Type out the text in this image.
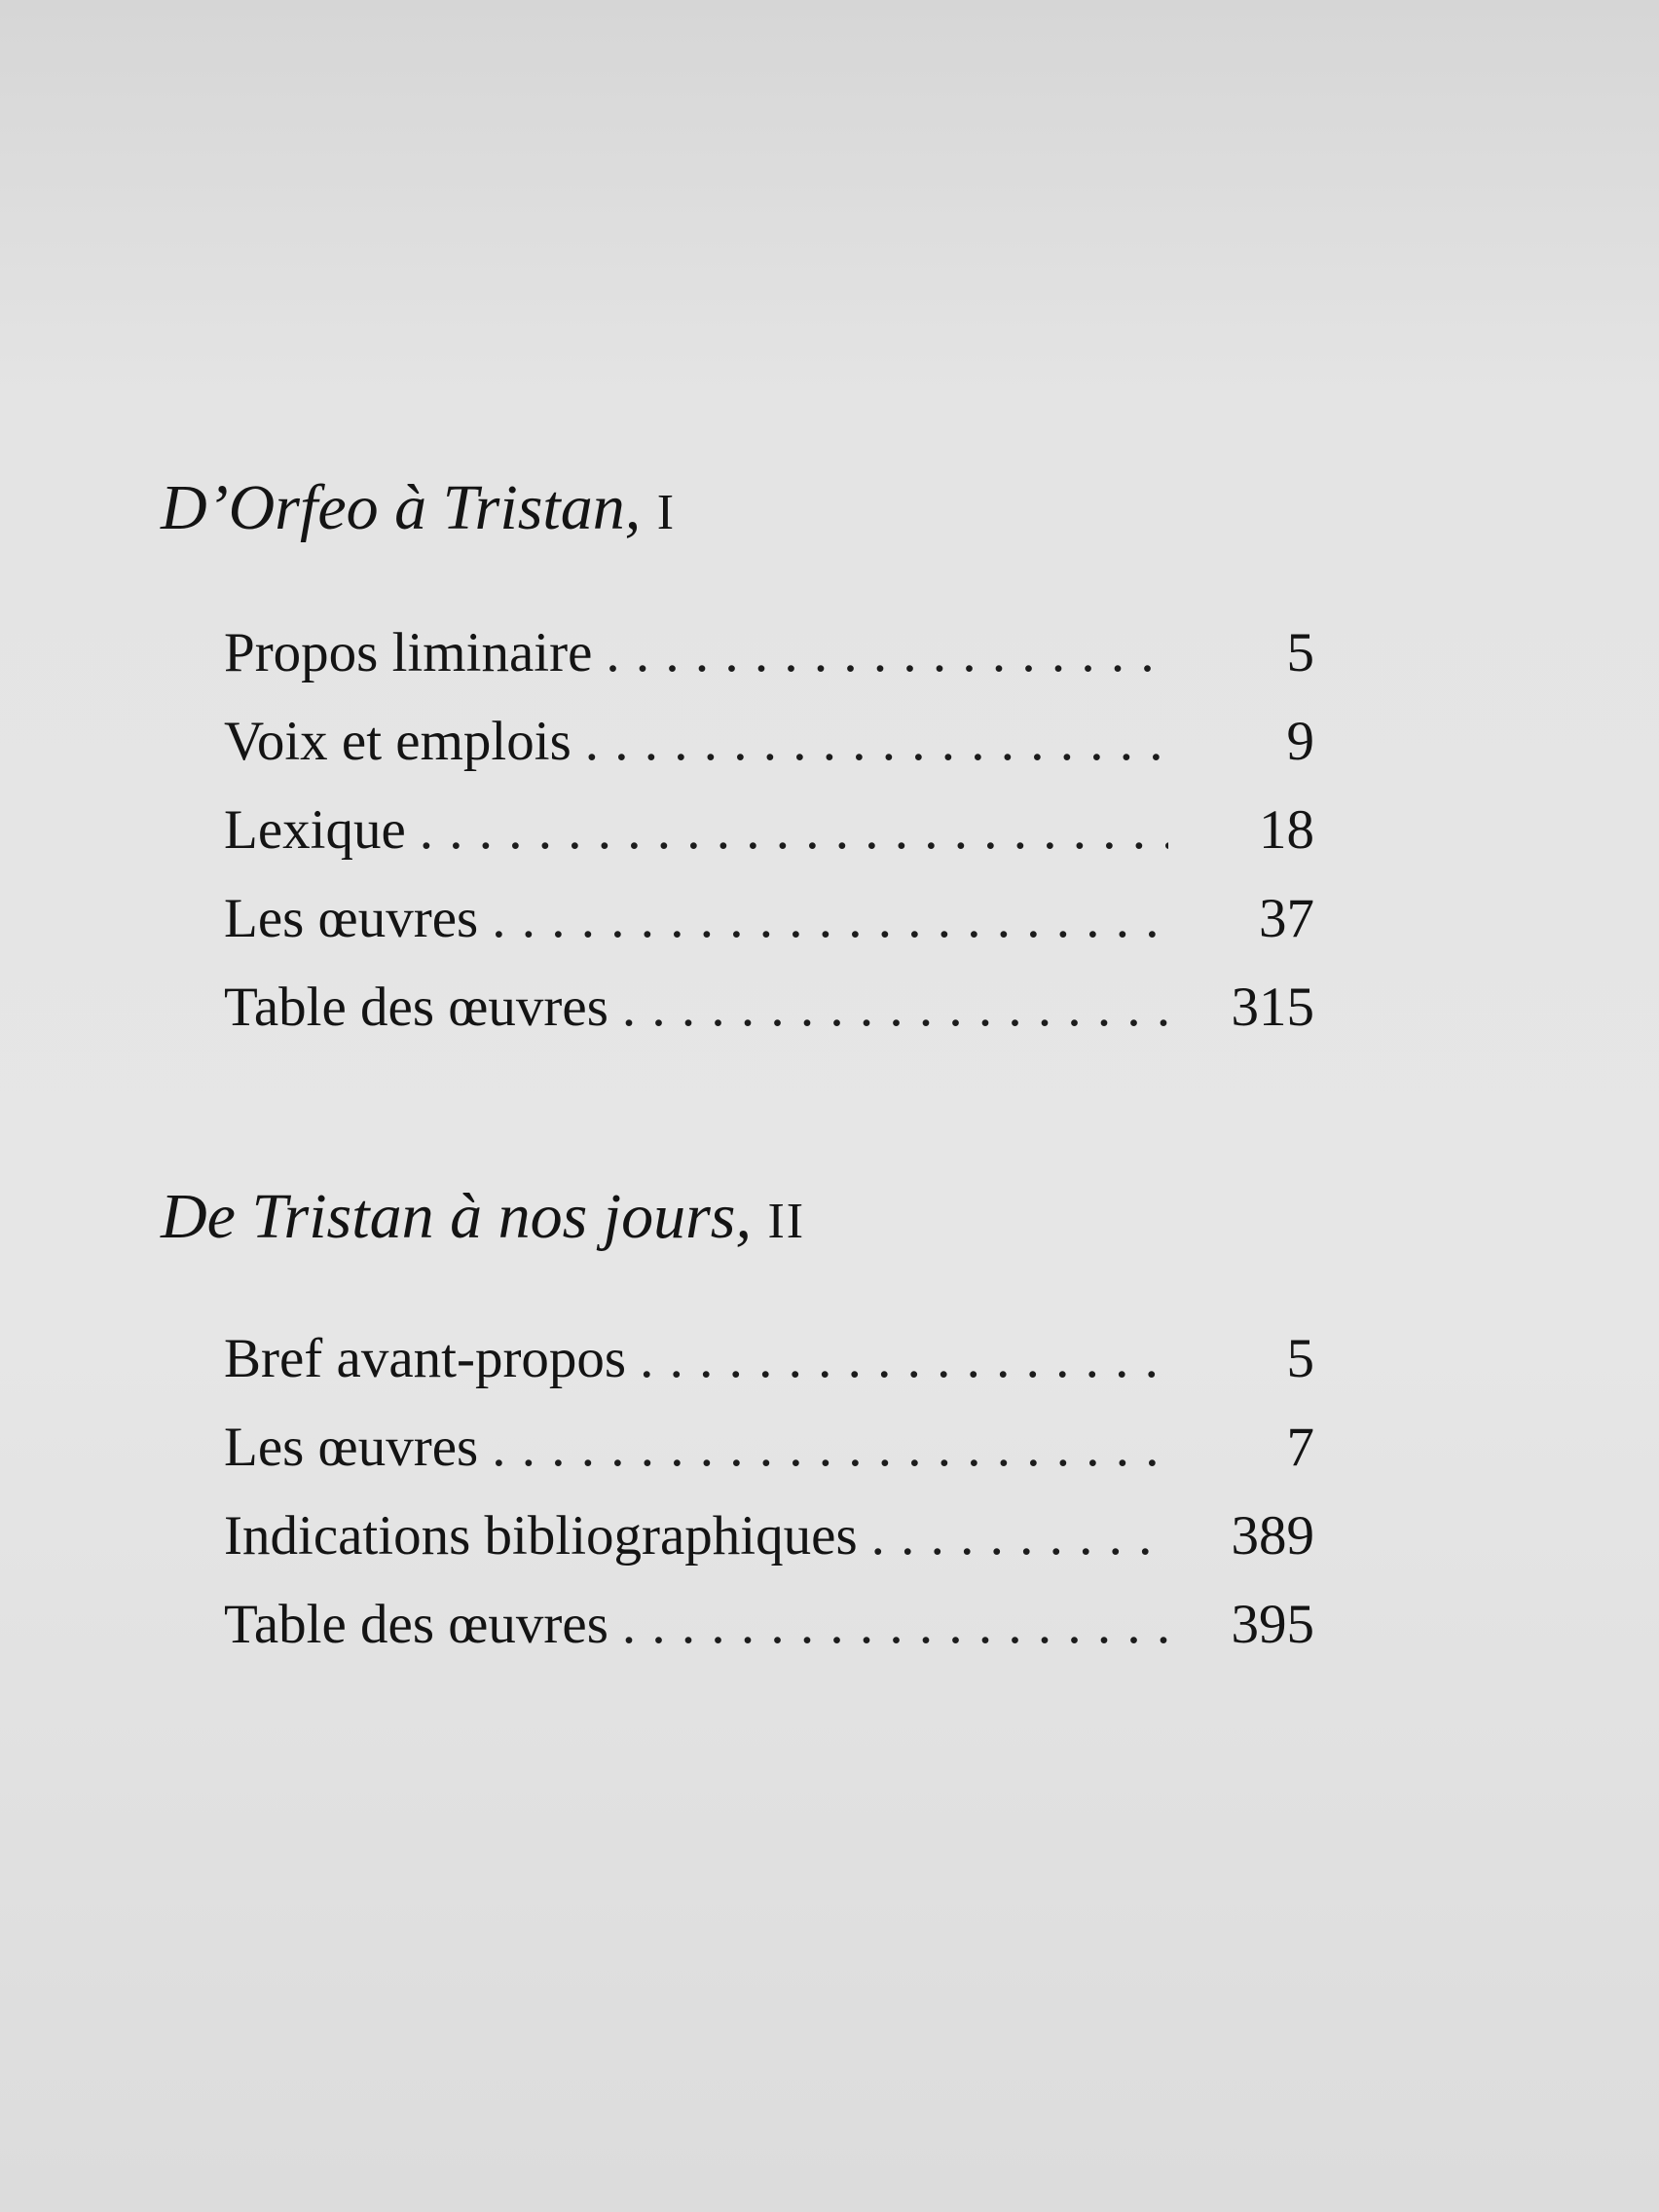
D’Orfeo à Tristan, I
Propos liminaire . . .	5
Voix et emplois . . .	9
Lexique . . .	18
Les œuvres . . .	37
Table des œuvres . . .	315
De Tristan à nos jours, II
Bref avant-propos . . .	5
Les œuvres . . .	7
Indications bibliographiques . . .	389
Table des œuvres . . .	395
